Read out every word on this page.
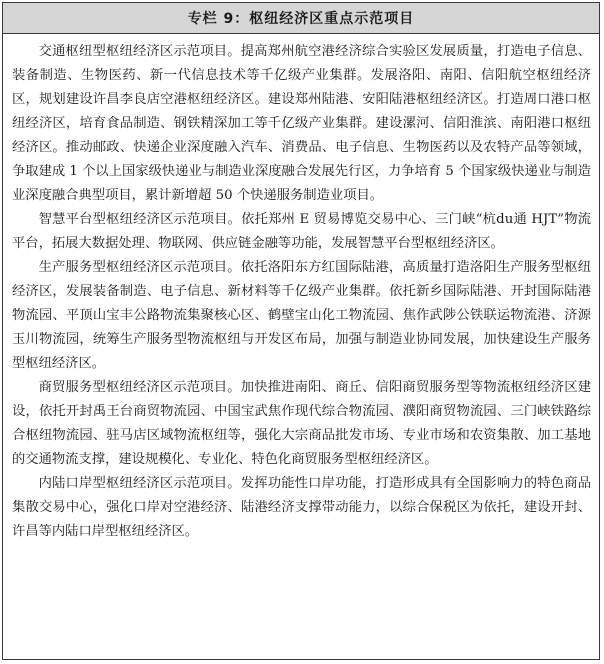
专栏 9：枢纽经济区重点示范项目

交通枢纽型枢纽经济区示范项目。提高郑州航空港经济综合实验区发展质量，打造电子信息、装备制造、生物医药、新一代信息技术等千亿级产业集群。发展洛阳、南阳、信阳航空枢纽经济区，规划建设许昌李良店空港枢纽经济区。建设郑州陆港、安阳陆港枢纽经济区。打造周口港口枢纽经济区，培育食品制造、钢铁精深加工等千亿级产业集群。建设漯河、信阳淮滨、南阳港口枢纽经济区。推动邮政、快递企业深度融入汽车、消费品、电子信息、生物医药以及农特产品等领域，争取建成 1 个以上国家级快递业与制造业深度融合发展先行区，力争培育 5 个国家级快递业与制造业深度融合典型项目，累计新增超 50 个快递服务制造业项目。

智慧平台型枢纽经济区示范项目。依托郑州 E 贸易博览交易中心、三门峡“杭du通 HJT”物流平台，拓展大数据处理、物联网、供应链金融等功能，发展智慧平台型枢纽经济区。

生产服务型枢纽经济区示范项目。依托洛阳东方红国际陆港，高质量打造洛阳生产服务型枢纽经济区，发展装备制造、电子信息、新材料等千亿级产业集群。依托新乡国际陆港、开封国际陆港物流园、平顶山宝丰公路物流集聚核心区、鹤壁宝山化工物流园、焦作武陟公铁联运物流港、济源玉川物流园，统筹生产服务型物流枢纽与开发区布局，加强与制造业协同发展，加快建设生产服务型枢纽经济区。

商贸服务型枢纽经济区示范项目。加快推进南阳、商丘、信阳商贸服务型等物流枢纽经济区建设，依托开封禹王台商贸物流园、中国宝武焦作现代综合物流园、濮阳商贸物流园、三门峡铁路综合枢纽物流园、驻马店区域物流枢纽等，强化大宗商品批发市场、专业市场和农资集散、加工基地的交通物流支撑，建设规模化、专业化、特色化商贸服务型枢纽经济区。

内陆口岸型枢纽经济区示范项目。发挥功能性口岸功能，打造形成具有全国影响力的特色商品集散交易中心，强化口岸对空港经济、陆港经济支撑带动能力，以综合保税区为依托，建设开封、许昌等内陆口岸型枢纽经济区。
